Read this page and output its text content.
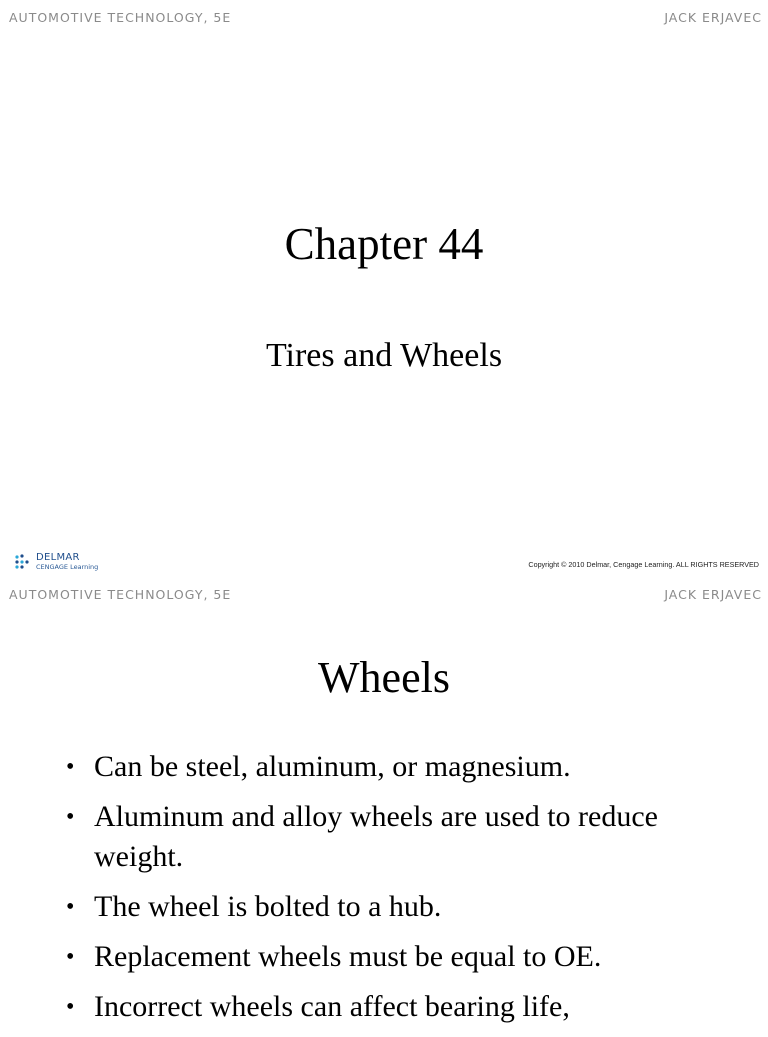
AUTOMOTIVE TECHNOLOGY, 5E	JACK ERJAVEC
Chapter 44
Tires and Wheels
DELMAR
CENGAGE Learning	Copyright © 2010 Delmar, Cengage Learning. ALL RIGHTS RESERVED
AUTOMOTIVE TECHNOLOGY, 5E	JACK ERJAVEC
Wheels
• Can be steel, aluminum, or magnesium.
• Aluminum and alloy wheels are used to reduce weight.
• The wheel is bolted to a hub.
• Replacement wheels must be equal to OE.
• Incorrect wheels can affect bearing life,
